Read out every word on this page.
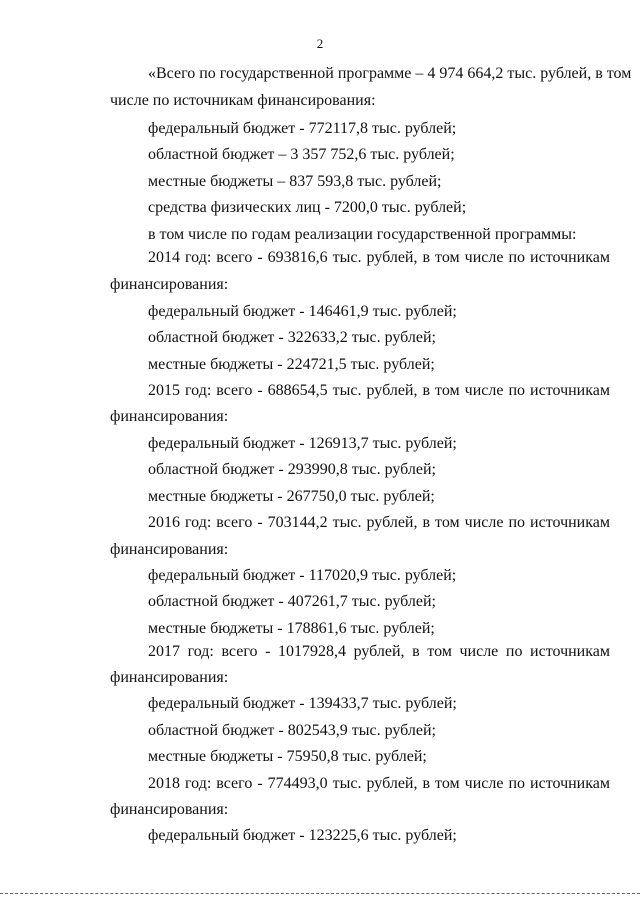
2
«Всего по государственной программе – 4 974 664,2 тыс. рублей, в том
числе по источникам финансирования:
федеральный бюджет - 772117,8 тыс. рублей;
областной бюджет – 3 357 752,6 тыс. рублей;
местные бюджеты – 837 593,8 тыс. рублей;
средства физических лиц - 7200,0 тыс. рублей;
в том числе по годам реализации государственной программы:
2014 год: всего - 693816,6 тыс. рублей, в том числе по источникам
финансирования:
федеральный бюджет - 146461,9 тыс. рублей;
областной бюджет - 322633,2 тыс. рублей;
местные бюджеты - 224721,5 тыс. рублей;
2015 год: всего - 688654,5 тыс. рублей, в том числе по источникам
финансирования:
федеральный бюджет - 126913,7 тыс. рублей;
областной бюджет - 293990,8 тыс. рублей;
местные бюджеты - 267750,0 тыс. рублей;
2016 год: всего - 703144,2 тыс. рублей, в том числе по источникам
финансирования:
федеральный бюджет - 117020,9 тыс. рублей;
областной бюджет - 407261,7 тыс. рублей;
местные бюджеты - 178861,6 тыс. рублей;
2017 год: всего - 1017928,4 рублей, в том числе по источникам
финансирования:
федеральный бюджет - 139433,7 тыс. рублей;
областной бюджет - 802543,9 тыс. рублей;
местные бюджеты - 75950,8 тыс. рублей;
2018 год: всего - 774493,0 тыс. рублей, в том числе по источникам
финансирования:
федеральный бюджет - 123225,6 тыс. рублей;
